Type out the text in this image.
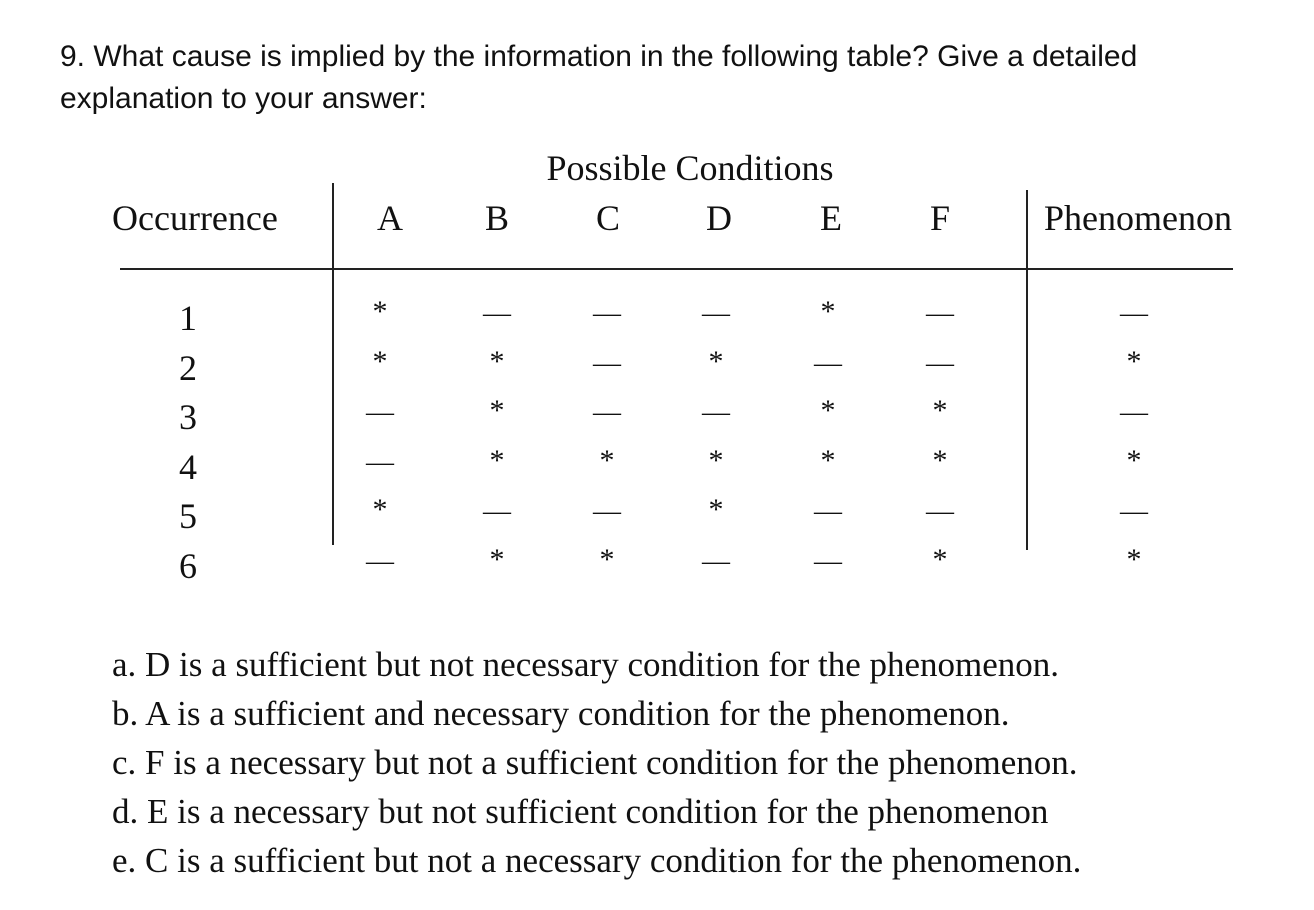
9. What cause is implied by the information in the following table? Give a detailed explanation to your answer:

Possible Conditions
Occurrence	A B C D E F	Phenomenon
1	*	—	—	—	*	—	—
2	*	*	—	*	—	—	*
3	—	*	—	—	*	*	—
4	—	*	*	*	*	*	*
5	*	—	—	*	—	—	—
6	—	*	*	—	—	*	*
a. D is a sufficient but not necessary condition for the phenomenon.
b. A is a sufficient and necessary condition for the phenomenon.
c. F is a necessary but not a sufficient condition for the phenomenon.
d. E is a necessary but not sufficient condition for the phenomenon
e. C is a sufficient but not a necessary condition for the phenomenon.
